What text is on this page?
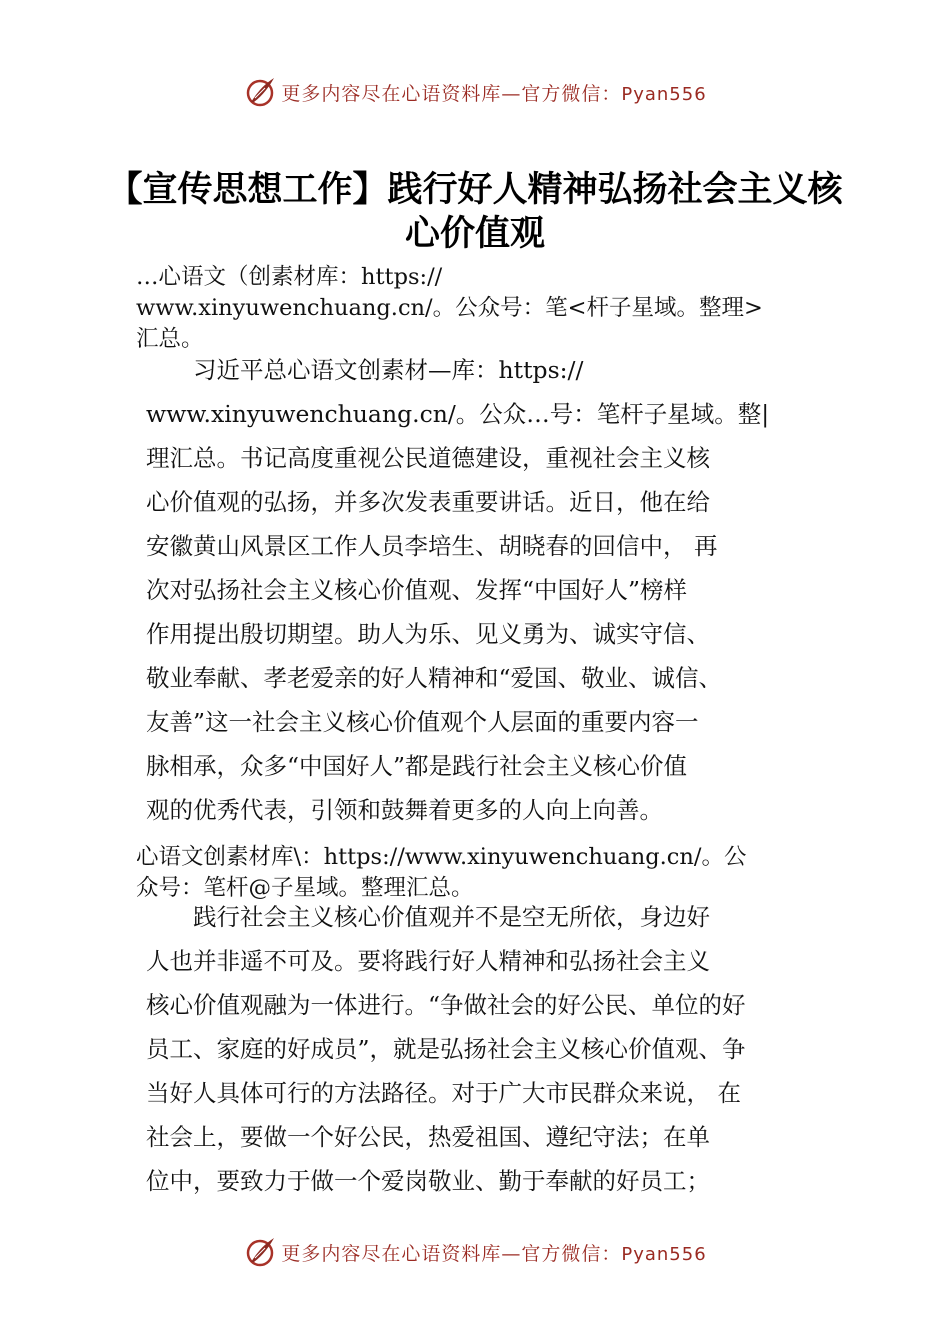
更多内容尽在心语资料库—官方微信：Pyan556
【宣传思想工作】践行好人精神弘扬社会主义核心价值观

…心语文（创素材库：https://
www.xinyuwenchuang.cn/。公众号：笔<杆子星域。整理>
汇总。

　　习近平总心语文创素材—库：https://
www.xinyuwenchuang.cn/。公众…号：笔杆子星域。整|
理汇总。书记高度重视公民道德建设，重视社会主义核
心价值观的弘扬，并多次发表重要讲话。近日，他在给
安徽黄山风景区工作人员李培生、胡晓春的回信中， 再
次对弘扬社会主义核心价值观、发挥“中国好人”榜样
作用提出殷切期望。助人为乐、见义勇为、诚实守信、
敬业奉献、孝老爱亲的好人精神和“爱国、敬业、诚信、
友善”这一社会主义核心价值观个人层面的重要内容一
脉相承，众多“中国好人”都是践行社会主义核心价值
观的优秀代表，引领和鼓舞着更多的人向上向善。

心语文创素材库\：https://www.xinyuwenchuang.cn/。公
众号：笔杆@子星域。整理汇总。

　　践行社会主义核心价值观并不是空无所依，身边好
人也并非遥不可及。要将践行好人精神和弘扬社会主义
核心价值观融为一体进行。“争做社会的好公民、单位的好
员工、家庭的好成员”，就是弘扬社会主义核心价值观、争
当好人具体可行的方法路径。对于广大市民群众来说， 在
社会上，要做一个好公民，热爱祖国、遵纪守法；在单
位中，要致力于做一个爱岗敬业、勤于奉献的好员工；

更多内容尽在心语资料库—官方微信：Pyan556
